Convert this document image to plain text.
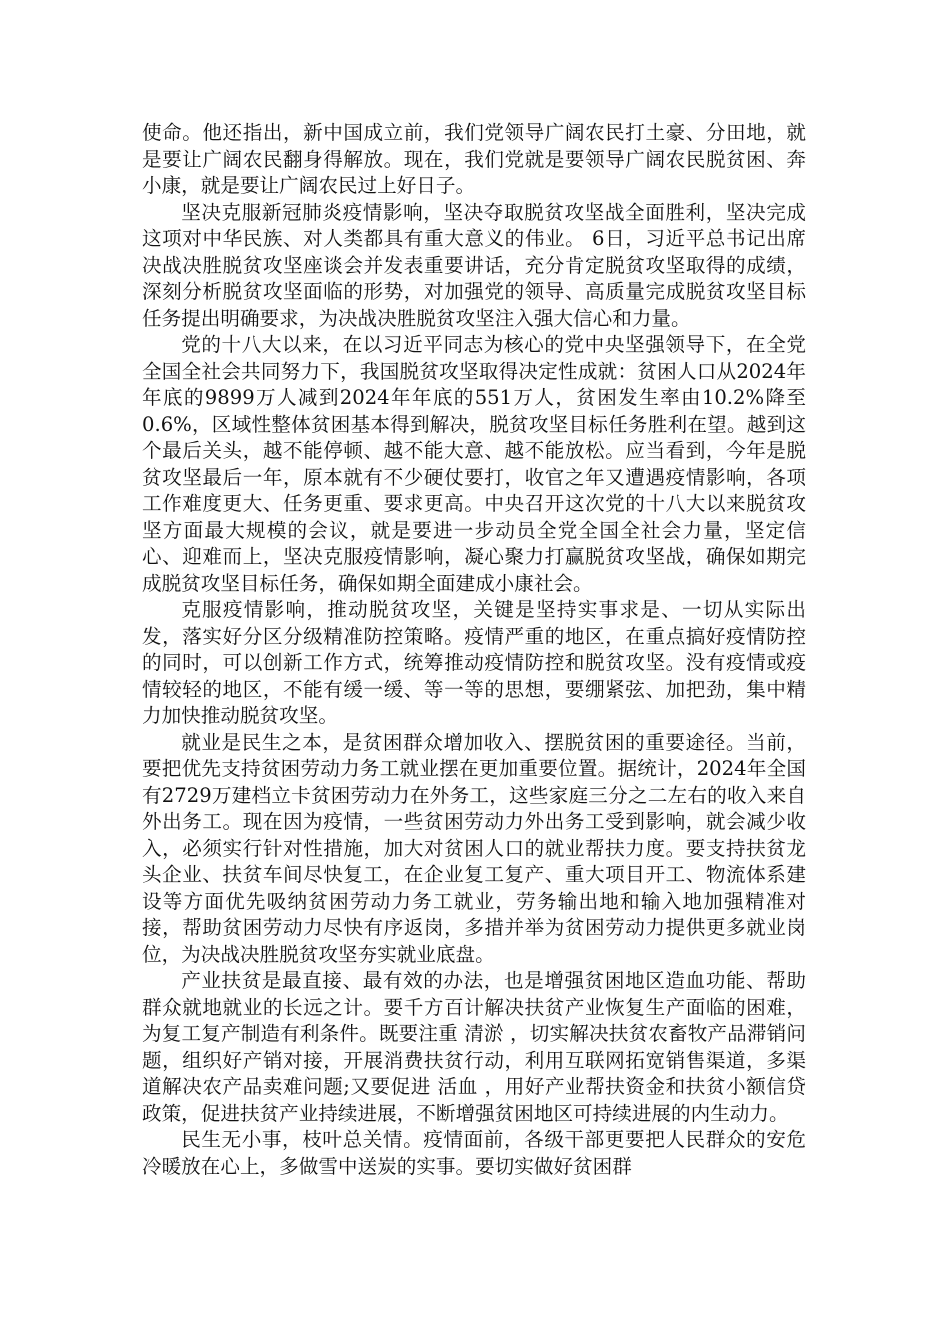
使命。他还指出，新中国成立前，我们党领导广阔农民打土豪、分田地，就是要让广阔农民翻身得解放。现在，我们党就是要领导广阔农民脱贫困、奔小康，就是要让广阔农民过上好日子。

坚决克服新冠肺炎疫情影响，坚决夺取脱贫攻坚战全面胜利，坚决完成这项对中华民族、对人类都具有重大意义的伟业。 6日，习近平总书记出席决战决胜脱贫攻坚座谈会并发表重要讲话，充分肯定脱贫攻坚取得的成绩，深刻分析脱贫攻坚面临的形势，对加强党的领导、高质量完成脱贫攻坚目标任务提出明确要求，为决战决胜脱贫攻坚注入强大信心和力量。

党的十八大以来，在以习近平同志为核心的党中央坚强领导下，在全党全国全社会共同努力下，我国脱贫攻坚取得决定性成就：贫困人口从2024年年底的9899万人减到2024年年底的551万人，贫困发生率由10.2%降至0.6%，区域性整体贫困基本得到解决，脱贫攻坚目标任务胜利在望。越到这个最后关头，越不能停顿、越不能大意、越不能放松。应当看到，今年是脱贫攻坚最后一年，原本就有不少硬仗要打，收官之年又遭遇疫情影响，各项工作难度更大、任务更重、要求更高。中央召开这次党的十八大以来脱贫攻坚方面最大规模的会议，就是要进一步动员全党全国全社会力量，坚定信心、迎难而上，坚决克服疫情影响，凝心聚力打赢脱贫攻坚战，确保如期完成脱贫攻坚目标任务，确保如期全面建成小康社会。

克服疫情影响，推动脱贫攻坚，关键是坚持实事求是、一切从实际出发，落实好分区分级精准防控策略。疫情严重的地区，在重点搞好疫情防控的同时，可以创新工作方式，统筹推动疫情防控和脱贫攻坚。没有疫情或疫情较轻的地区，不能有缓一缓、等一等的思想，要绷紧弦、加把劲，集中精力加快推动脱贫攻坚。

就业是民生之本，是贫困群众增加收入、摆脱贫困的重要途径。当前，要把优先支持贫困劳动力务工就业摆在更加重要位置。据统计，2024年全国有2729万建档立卡贫困劳动力在外务工，这些家庭三分之二左右的收入来自外出务工。现在因为疫情，一些贫困劳动力外出务工受到影响，就会减少收入，必须实行针对性措施，加大对贫困人口的就业帮扶力度。要支持扶贫龙头企业、扶贫车间尽快复工，在企业复工复产、重大项目开工、物流体系建设等方面优先吸纳贫困劳动力务工就业，劳务输出地和输入地加强精准对接，帮助贫困劳动力尽快有序返岗，多措并举为贫困劳动力提供更多就业岗位，为决战决胜脱贫攻坚夯实就业底盘。

产业扶贫是最直接、最有效的办法，也是增强贫困地区造血功能、帮助群众就地就业的长远之计。要千方百计解决扶贫产业恢复生产面临的困难，为复工复产制造有利条件。既要注重 清淤 ，切实解决扶贫农畜牧产品滞销问题，组织好产销对接，开展消费扶贫行动，利用互联网拓宽销售渠道，多渠道解决农产品卖难问题;又要促进 活血 ，用好产业帮扶资金和扶贫小额信贷政策，促进扶贫产业持续进展，不断增强贫困地区可持续进展的内生动力。

民生无小事，枝叶总关情。疫情面前，各级干部更要把人民群众的安危冷暖放在心上，多做雪中送炭的实事。要切实做好贫困群
